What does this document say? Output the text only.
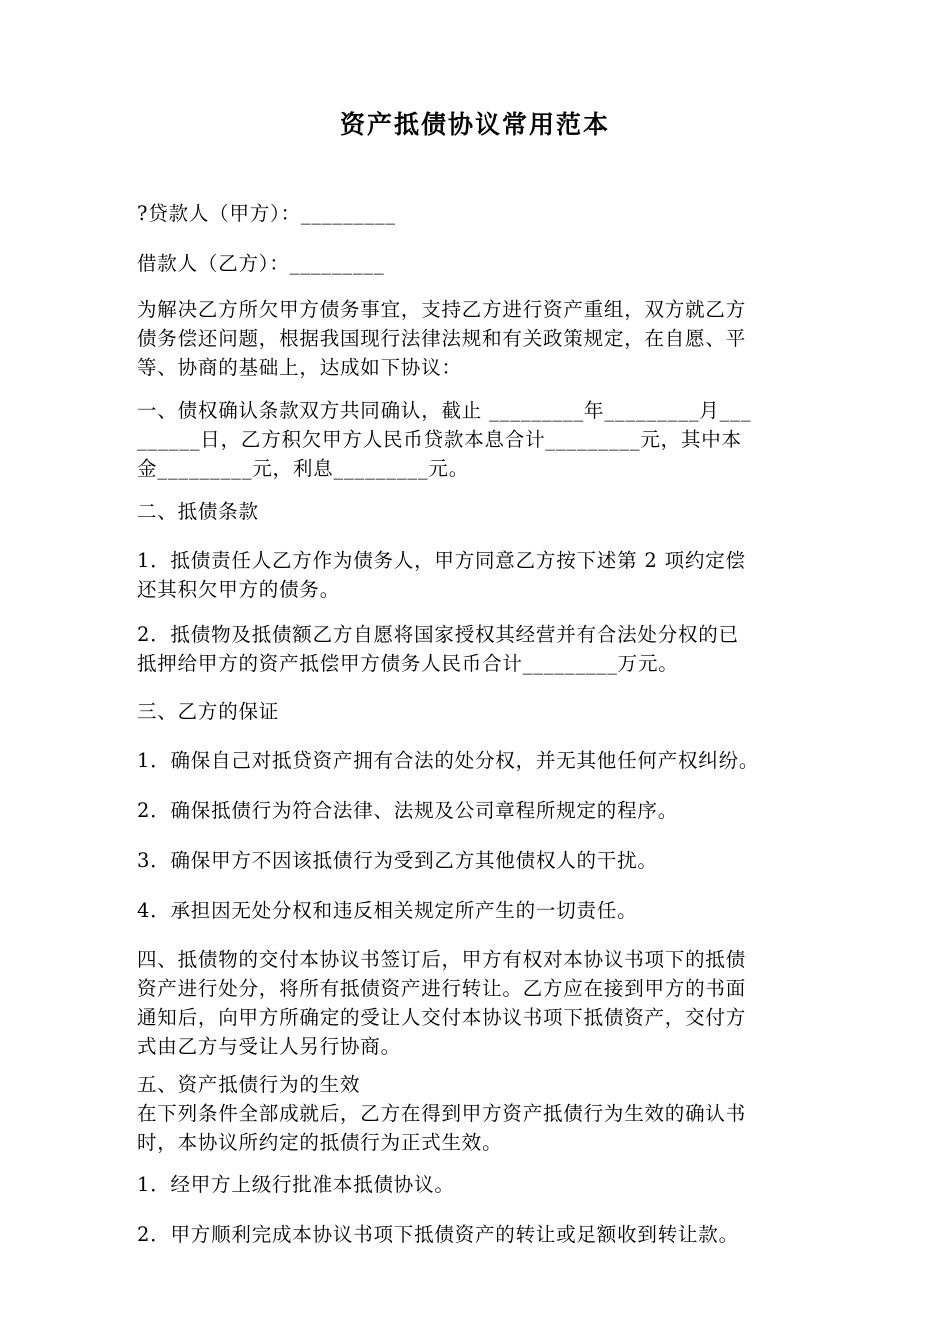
资产抵债协议常用范本

?贷款人（甲方）：_________

借款人（乙方）：_________

为解决乙方所欠甲方债务事宜，支持乙方进行资产重组，双方就乙方
债务偿还问题，根据我国现行法律法规和有关政策规定，在自愿、平
等、协商的基础上，达成如下协议：

一、债权确认条款双方共同确认，截止 _________年_________月___
______日，乙方积欠甲方人民币贷款本息合计_________元，其中本
金_________元，利息_________元。

二、抵债条款

1．抵债责任人乙方作为债务人，甲方同意乙方按下述第 2 项约定偿
还其积欠甲方的债务。

2．抵债物及抵债额乙方自愿将国家授权其经营并有合法处分权的已
抵押给甲方的资产抵偿甲方债务人民币合计_________万元。

三、乙方的保证

1．确保自己对抵贷资产拥有合法的处分权，并无其他任何产权纠纷。

2．确保抵债行为符合法律、法规及公司章程所规定的程序。

3．确保甲方不因该抵债行为受到乙方其他债权人的干扰。

4．承担因无处分权和违反相关规定所产生的一切责任。

四、抵债物的交付本协议书签订后，甲方有权对本协议书项下的抵债
资产进行处分，将所有抵债资产进行转让。乙方应在接到甲方的书面
通知后，向甲方所确定的受让人交付本协议书项下抵债资产，交付方
式由乙方与受让人另行协商。

五、资产抵债行为的生效
在下列条件全部成就后，乙方在得到甲方资产抵债行为生效的确认书
时，本协议所约定的抵债行为正式生效。

1．经甲方上级行批准本抵债协议。

2．甲方顺利完成本协议书项下抵债资产的转让或足额收到转让款。
